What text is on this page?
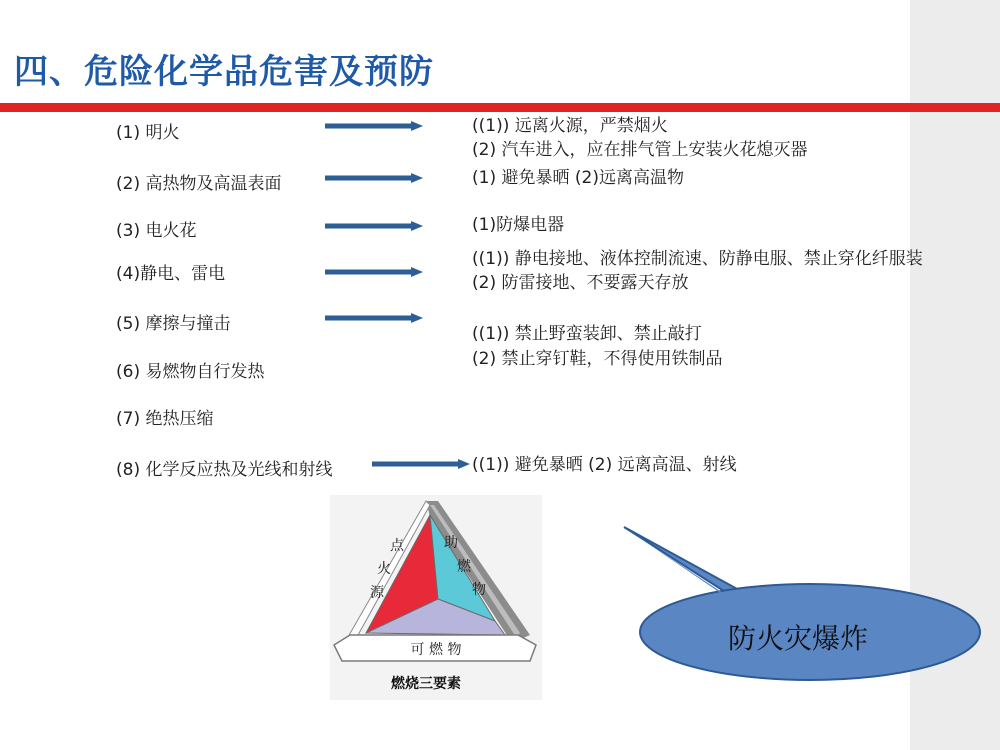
四、危险化学品危害及预防
(1) 明火
(2) 高热物及高温表面
(3) 电火花
(4)静电、雷电
(5) 摩擦与撞击
(6) 易燃物自行发热
(7) 绝热压缩
(8) 化学反应热及光线和射线
((1)) 远离火源，严禁烟火
(2) 汽车进入，应在排气管上安装火花熄灭器
(1) 避免暴晒 (2)远离高温物
(1)防爆电器
((1)) 静电接地、液体控制流速、防静电服、禁止穿化纤服装
(2) 防雷接地、不要露天存放
((1)) 禁止野蛮装卸、禁止敲打
(2) 禁止穿钉鞋，不得使用铁制品
((1)) 避免暴晒 (2) 远离高温、射线
点
火
源
助
燃
物
可 燃 物
燃烧三要素
防火灾爆炸
